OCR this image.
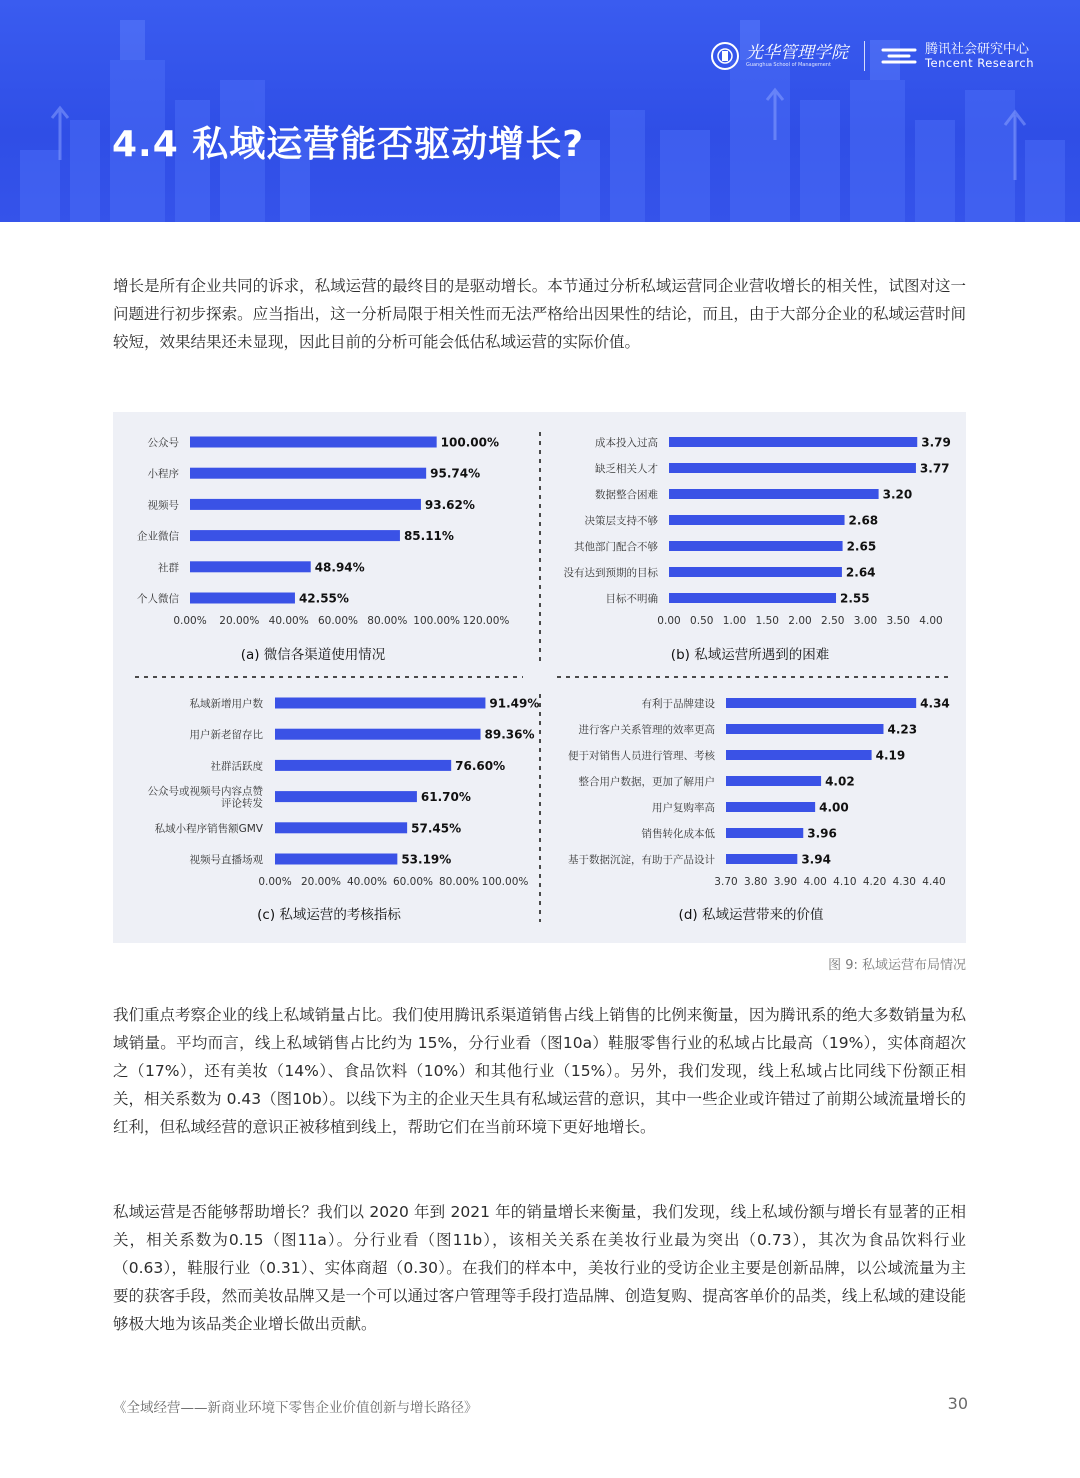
光华管理学院
Guanghua School of Management
腾讯社会研究中心
Tencent Research
4.4 私域运营能否驱动增长?
增长是所有企业共同的诉求，私域运营的最终目的是驱动增长。本节通过分析私域运营同企业营收增长的相关性，试图对这一问题进行初步探索。应当指出，这一分析局限于相关性而无法严格给出因果性的结论，而且，由于大部分企业的私域运营时间较短，效果结果还未显现，因此目前的分析可能会低估私域运营的实际价值。
100.00%
公众号
95.74%
小程序
93.62%
视频号
85.11%
企业微信
48.94%
社群
42.55%
个人微信
0.00% 20.00% 40.00% 60.00% 80.00% 100.00% 120.00%
(a) 微信各渠道使用情况
3.79
成本投入过高
3.77
缺乏相关人才
3.20
数据整合困难
2.68
决策层支持不够
2.65
其他部门配合不够
2.64
没有达到预期的目标
2.55
目标不明确
0.00 0.50 1.00 1.50 2.00 2.50 3.00 3.50 4.00
(b) 私域运营所遇到的困难
91.49%
私域新增用户数
89.36%
用户新老留存比
76.60%
社群活跃度
61.70%
公众号或视频号内容点赞
评论转发
57.45%
私域小程序销售额GMV
53.19%
视频号直播场观
0.00% 20.00% 40.00% 60.00% 80.00% 100.00%
(c) 私域运营的考核指标
4.34
有利于品牌建设
4.23
进行客户关系管理的效率更高
4.19
便于对销售人员进行管理、考核
4.02
整合用户数据，更加了解用户
4.00
用户复购率高
3.96
销售转化成本低
3.94
基于数据沉淀，有助于产品设计
3.70 3.80 3.90 4.00 4.10 4.20 4.30 4.40
(d) 私域运营带来的价值
图 9: 私域运营布局情况
我们重点考察企业的线上私域销量占比。我们使用腾讯系渠道销售占线上销售的比例来衡量，因为腾讯系的绝大多数销量为私域销量。平均而言，线上私域销售占比约为 15%，分行业看（图10a）鞋服零售行业的私域占比最高（19%），实体商超次之（17%），还有美妆（14%）、食品饮料（10%）和其他行业（15%）。另外，我们发现，线上私域占比同线下份额正相关，相关系数为 0.43（图10b）。以线下为主的企业天生具有私域运营的意识，其中一些企业或许错过了前期公域流量增长的红利，但私域经营的意识正被移植到线上，帮助它们在当前环境下更好地增长。
私域运营是否能够帮助增长？我们以 2020 年到 2021 年的销量增长来衡量，我们发现，线上私域份额与增长有显著的正相关，相关系数为0.15（图11a）。分行业看（图11b），该相关关系在美妆行业最为突出（0.73），其次为食品饮料行业（0.63），鞋服行业（0.31）、实体商超（0.30）。在我们的样本中，美妆行业的受访企业主要是创新品牌，以公域流量为主要的获客手段，然而美妆品牌又是一个可以通过客户管理等手段打造品牌、创造复购、提高客单价的品类，线上私域的建设能够极大地为该品类企业增长做出贡献。
《全域经营——新商业环境下零售企业价值创新与增长路径》	30
